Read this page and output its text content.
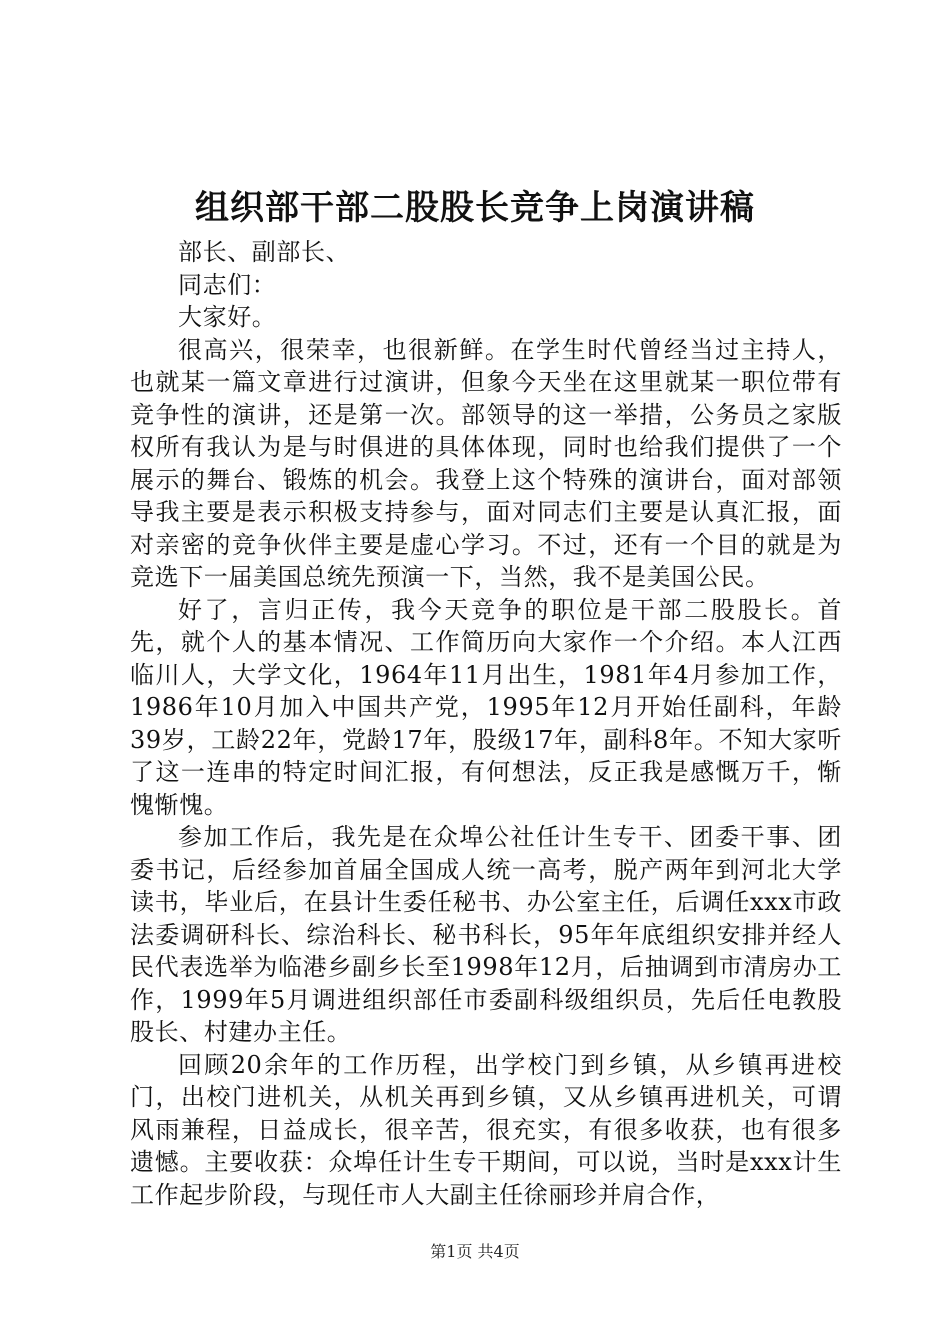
组织部干部二股股长竞争上岗演讲稿

部长、副部长、

同志们：

大家好。

很高兴，很荣幸，也很新鲜。在学生时代曾经当过主持人，也就某一篇文章进行过演讲，但象今天坐在这里就某一职位带有竞争性的演讲，还是第一次。部领导的这一举措，公务员之家版权所有我认为是与时俱进的具体体现，同时也给我们提供了一个展示的舞台、锻炼的机会。我登上这个特殊的演讲台，面对部领导我主要是表示积极支持参与，面对同志们主要是认真汇报，面对亲密的竞争伙伴主要是虚心学习。不过，还有一个目的就是为竞选下一届美国总统先预演一下，当然，我不是美国公民。

好了，言归正传，我今天竞争的职位是干部二股股长。首先，就个人的基本情况、工作简历向大家作一个介绍。本人江西临川人，大学文化，1964年11月出生，1981年4月参加工作，1986年10月加入中国共产党，1995年12月开始任副科，年龄39岁，工龄22年，党龄17年，股级17年，副科8年。不知大家听了这一连串的特定时间汇报，有何想法，反正我是感慨万千，惭愧惭愧。

参加工作后，我先是在众埠公社任计生专干、团委干事、团委书记，后经参加首届全国成人统一高考，脱产两年到河北大学读书，毕业后，在县计生委任秘书、办公室主任，后调任xxx市政法委调研科长、综治科长、秘书科长，95年年底组织安排并经人民代表选举为临港乡副乡长至1998年12月，后抽调到市清房办工作，1999年5月调进组织部任市委副科级组织员，先后任电教股股长、村建办主任。

回顾20余年的工作历程，出学校门到乡镇，从乡镇再进校门，出校门进机关，从机关再到乡镇，又从乡镇再进机关，可谓风雨兼程，日益成长，很辛苦，很充实，有很多收获，也有很多遗憾。主要收获：众埠任计生专干期间，可以说，当时是xxx计生工作起步阶段，与现任市人大副主任徐丽珍并肩合作，

第1页 共4页
